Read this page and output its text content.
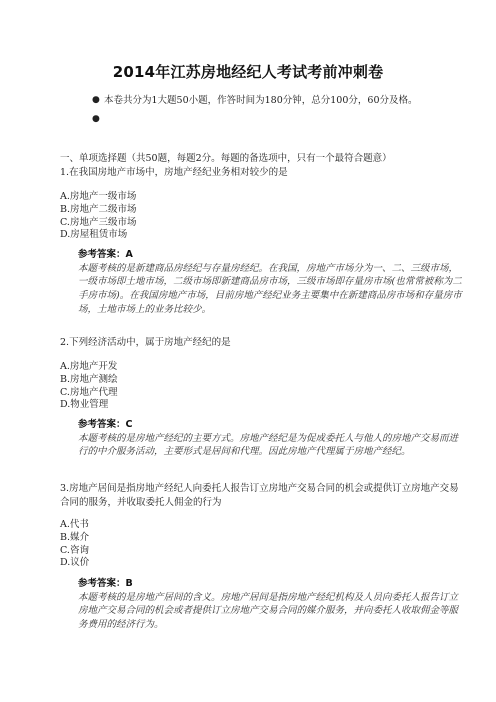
2014年江苏房地经纪人考试考前冲刺卷
● 本卷共分为1大题50小题，作答时间为180分钟，总分100分，60分及格。
●
一、单项选择题（共50题，每题2分。每题的备选项中，只有一个最符合题意）
1.在我国房地产市场中，房地产经纪业务相对较少的是
A.房地产一级市场
B.房地产二级市场
C.房地产三级市场
D.房屋租赁市场
参考答案：A
本题考核的是新建商品房经纪与存量房经纪。在我国，房地产市场分为一、二、三级市场，一级市场即土地市场，二级市场即新建商品房市场，三级市场即存量房市场(也常常被称为二手房市场)。在我国房地产市场，目前房地产经纪业务主要集中在新建商品房市场和存量房市场，土地市场上的业务比较少。
2.下列经济活动中，属于房地产经纪的是
A.房地产开发
B.房地产测绘
C.房地产代理
D.物业管理
参考答案：C
本题考核的是房地产经纪的主要方式。房地产经纪是为促成委托人与他人的房地产交易而进行的中介服务活动，主要形式是居间和代理。因此房地产代理属于房地产经纪。
3.房地产居间是指房地产经纪人向委托人报告订立房地产交易合同的机会或提供订立房地产交易合同的服务，并收取委托人佣金的行为
A.代书
B.媒介
C.咨询
D.议价
参考答案：B
本题考核的是房地产居间的含义。房地产居间是指房地产经纪机构及人员向委托人报告订立房地产交易合同的机会或者提供订立房地产交易合同的媒介服务，并向委托人收取佣金等服务费用的经济行为。
